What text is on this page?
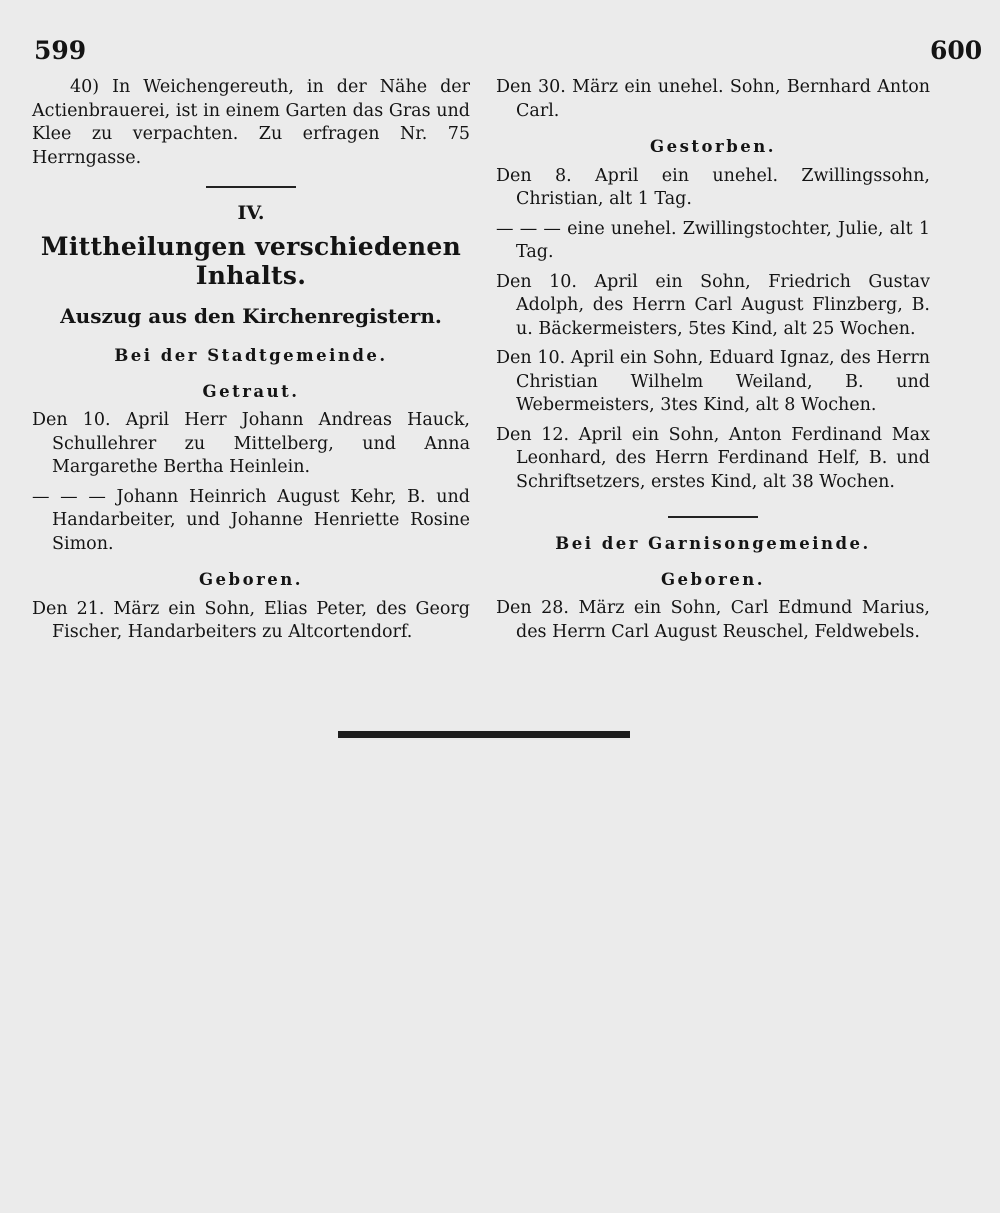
599	600

40) In Weichengereuth, in der Nähe der Actienbrauerei, ist in einem Garten das Gras und Klee zu verpachten. Zu erfragen Nr. 75 Herrngasse.

IV.
Mittheilungen verschiedenen Inhalts.
Auszug aus den Kirchenregistern.
Bei der Stadtgemeinde.
Getraut.

Den 10. April Herr Johann Andreas Hauck, Schullehrer zu Mittelberg, und Anna Margarethe Bertha Heinlein.

— — — Johann Heinrich August Kehr, B. und Handarbeiter, und Johanne Henriette Rosine Simon.

Geboren.

Den 21. März ein Sohn, Elias Peter, des Georg Fischer, Handarbeiters zu Altcortendorf.

Den 30. März ein unehel. Sohn, Bernhard Anton Carl.

Gestorben.

Den 8. April ein unehel. Zwillingssohn, Christian, alt 1 Tag.

— — — eine unehel. Zwillingstochter, Julie, alt 1 Tag.

Den 10. April ein Sohn, Friedrich Gustav Adolph, des Herrn Carl August Flinzberg, B. u. Bäckermeisters, 5tes Kind, alt 25 Wochen.

Den 10. April ein Sohn, Eduard Ignaz, des Herrn Christian Wilhelm Weiland, B. und Webermeisters, 3tes Kind, alt 8 Wochen.

Den 12. April ein Sohn, Anton Ferdinand Max Leonhard, des Herrn Ferdinand Helf, B. und Schriftsetzers, erstes Kind, alt 38 Wochen.

Bei der Garnisongemeinde.
Geboren.

Den 28. März ein Sohn, Carl Edmund Marius, des Herrn Carl August Reuschel, Feldwebels.
